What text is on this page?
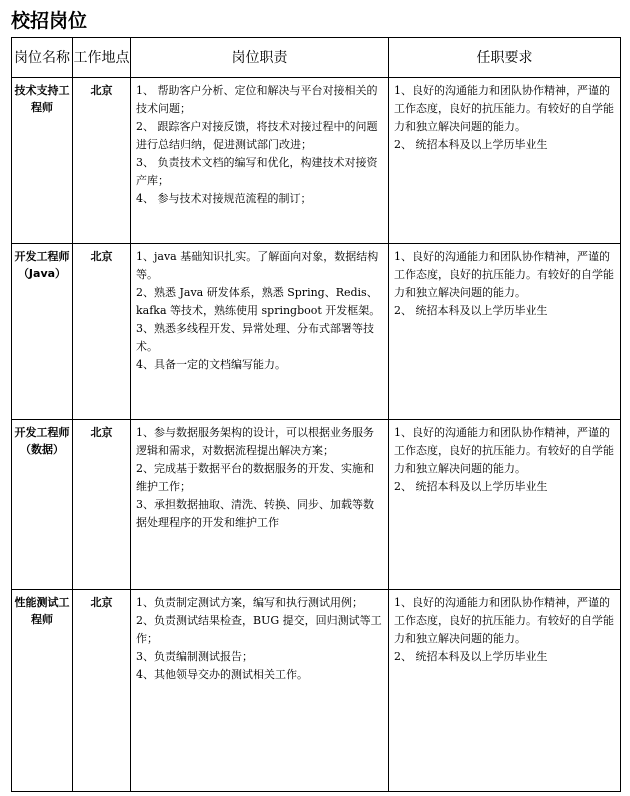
校招岗位
岗位名称	工作地点	岗位职责	任职要求
技术支持工程师	北京	1、 帮助客户分析、定位和解决与平台对接相关的技术问题；
2、 跟踪客户对接反馈，将技术对接过程中的问题进行总结归纳，促进测试部门改进；
3、 负责技术文档的编写和优化，构建技术对接资产库；
4、 参与技术对接规范流程的制订；	1、良好的沟通能力和团队协作精神，严谨的工作态度，良好的抗压能力。有较好的自学能力和独立解决问题的能力。
2、 统招本科及以上学历毕业生

开发工程师（Java）	北京	1、java 基础知识扎实。了解面向对象，数据结构等。
2、熟悉 Java 研发体系，熟悉 Spring、Redis、kafka 等技术，熟练使用 springboot 开发框架。
3、熟悉多线程开发、异常处理、分布式部署等技术。
4、具备一定的文档编写能力。	1、良好的沟通能力和团队协作精神，严谨的工作态度，良好的抗压能力。有较好的自学能力和独立解决问题的能力。
2、 统招本科及以上学历毕业生

开发工程师（数据）	北京	1、参与数据服务架构的设计，可以根据业务服务逻辑和需求，对数据流程提出解决方案；
2、完成基于数据平台的数据服务的开发、实施和维护工作；
3、承担数据抽取、清洗、转换、同步、加载等数据处理程序的开发和维护工作	1、良好的沟通能力和团队协作精神，严谨的工作态度，良好的抗压能力。有较好的自学能力和独立解决问题的能力。
2、 统招本科及以上学历毕业生

性能测试工程师	北京	1、负责制定测试方案，编写和执行测试用例；
2、负责测试结果检查，BUG 提交，回归测试等工作；
3、负责编制测试报告；
4、其他领导交办的测试相关工作。	1、良好的沟通能力和团队协作精神，严谨的工作态度，良好的抗压能力。有较好的自学能力和独立解决问题的能力。
2、 统招本科及以上学历毕业生
